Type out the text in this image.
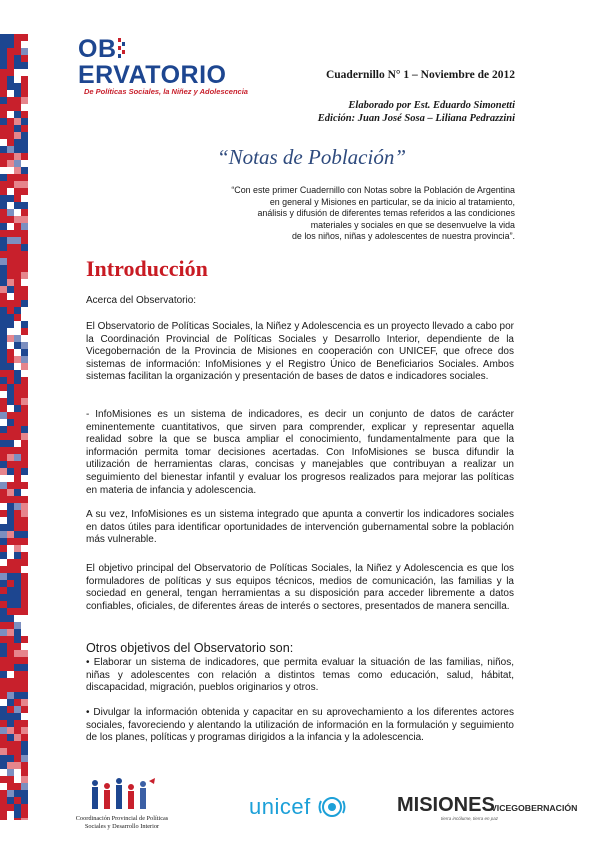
OBERVATORIO
De Políticas Sociales, la Niñez y Adolescencia
Cuadernillo N° 1 – Noviembre de 2012
Elaborado por Est. Eduardo Simonetti
Edición: Juan José Sosa – Liliana Pedrazzini
“Notas de Población”
“Con este primer Cuadernillo con Notas sobre la Población de Argentina
en general y Misiones en particular, se da inicio al tratamiento,
análisis y difusión de diferentes temas referidos a las condiciones
materiales y sociales en que se desenvuelve la vida
de los niños, niñas y adolescentes de nuestra provincia”.
Introducción
Acerca del Observatorio:
El Observatorio de Políticas Sociales, la Niñez y Adolescencia es un proyecto llevado a cabo por la Coordinación Provincial de Políticas Sociales y Desarrollo Interior, dependiente de la Vicegobernación de la Provincia de Misiones en cooperación con UNICEF, que ofrece dos sistemas de información: InfoMisiones y el Registro Único de Beneficiarios Sociales. Ambos sistemas facilitan la organización y presentación de bases de datos e indicadores sociales.
- InfoMisiones es un sistema de indicadores, es decir un conjunto de datos de carácter eminentemente cuantitativos, que sirven para comprender, explicar y representar aquella realidad sobre la que se busca ampliar el conocimiento, fundamentalmente para que la información permita tomar decisiones acertadas. Con InfoMisiones se busca difundir la utilización de herramientas claras, concisas y manejables que contribuyan a realizar un seguimiento del bienestar infantil y evaluar los progresos realizados para mejorar las políticas en materia de infancia y adolescencia.
A su vez, InfoMisiones es un sistema integrado que apunta a convertir los indicadores sociales en datos útiles para identificar oportunidades de intervención gubernamental sobre la población más vulnerable.
El objetivo principal del Observatorio de Políticas Sociales, la Niñez y Adolescencia es que los formuladores de políticas y sus equipos técnicos, medios de comunicación, las familias y la sociedad en general, tengan herramientas a su disposición para acceder libremente a datos confiables, oficiales, de diferentes áreas de interés o sectores, presentados de manera sencilla.
Otros objetivos del Observatorio son:
• Elaborar un sistema de indicadores, que permita evaluar la situación de las familias, niños, niñas y adolescentes con relación a distintos temas como educación, salud, hábitat, discapacidad, migración, pueblos originarios y otros.
• Divulgar la información obtenida y capacitar en su aprovechamiento a los diferentes actores sociales, favoreciendo y alentando la utilización de información en la formulación y seguimiento de los planes, políticas y programas dirigidos a la infancia y la adolescencia.
Coordinación Provincial de Políticas
Sociales y Desarrollo Interior
unicef	MISIONES
tierra incólume, tierra en paz
VICEGOBERNACIÓN
